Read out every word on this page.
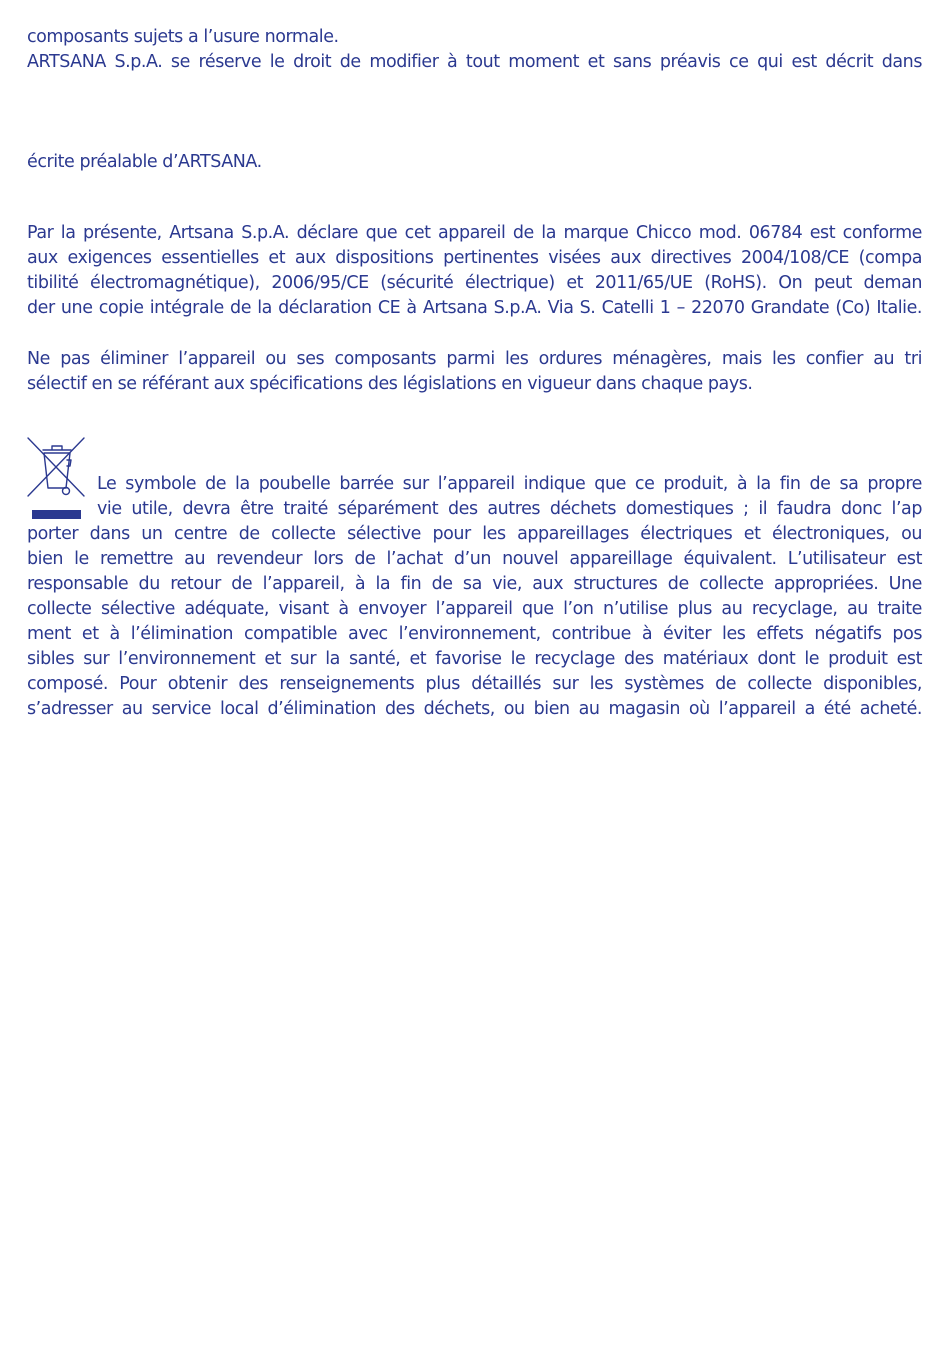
composants sujets a l’usure normale.

ARTSANA S.p.A. se réserve le droit de modifier à tout moment et sans préavis ce qui est décrit dans

écrite préalable d’ARTSANA.

Par la présente, Artsana S.p.A. déclare que cet appareil de la marque Chicco mod. 06784 est conforme

aux exigences essentielles et aux dispositions pertinentes visées aux directives 2004/108/CE (compa

tibilité électromagnétique), 2006/95/CE (sécurité électrique) et 2011/65/UE (RoHS). On peut deman

der une copie intégrale de la déclaration CE à Artsana S.p.A. Via S. Catelli 1 – 22070 Grandate (Co) Italie.

Ne pas éliminer l’appareil ou ses composants parmi les ordures ménagères, mais les confier au tri

sélectif en se référant aux spécifications des législations en vigueur dans chaque pays.

Le symbole de la poubelle barrée sur l’appareil indique que ce produit, à la fin de sa propre

vie utile, devra être traité séparément des autres déchets domestiques ; il faudra donc l’ap

porter dans un centre de collecte sélective pour les appareillages électriques et électroniques, ou

bien le remettre au revendeur lors de l’achat d’un nouvel appareillage équivalent. L’utilisateur est

responsable du retour de l’appareil, à la fin de sa vie, aux structures de collecte appropriées. Une

collecte sélective adéquate, visant à envoyer l’appareil que l’on n’utilise plus au recyclage, au traite

ment et à l’élimination compatible avec l’environnement, contribue à éviter les effets négatifs pos

sibles sur l’environnement et sur la santé, et favorise le recyclage des matériaux dont le produit est

composé. Pour obtenir des renseignements plus détaillés sur les systèmes de collecte disponibles,

s’adresser au service local d’élimination des déchets, ou bien au magasin où l’appareil a été acheté.
